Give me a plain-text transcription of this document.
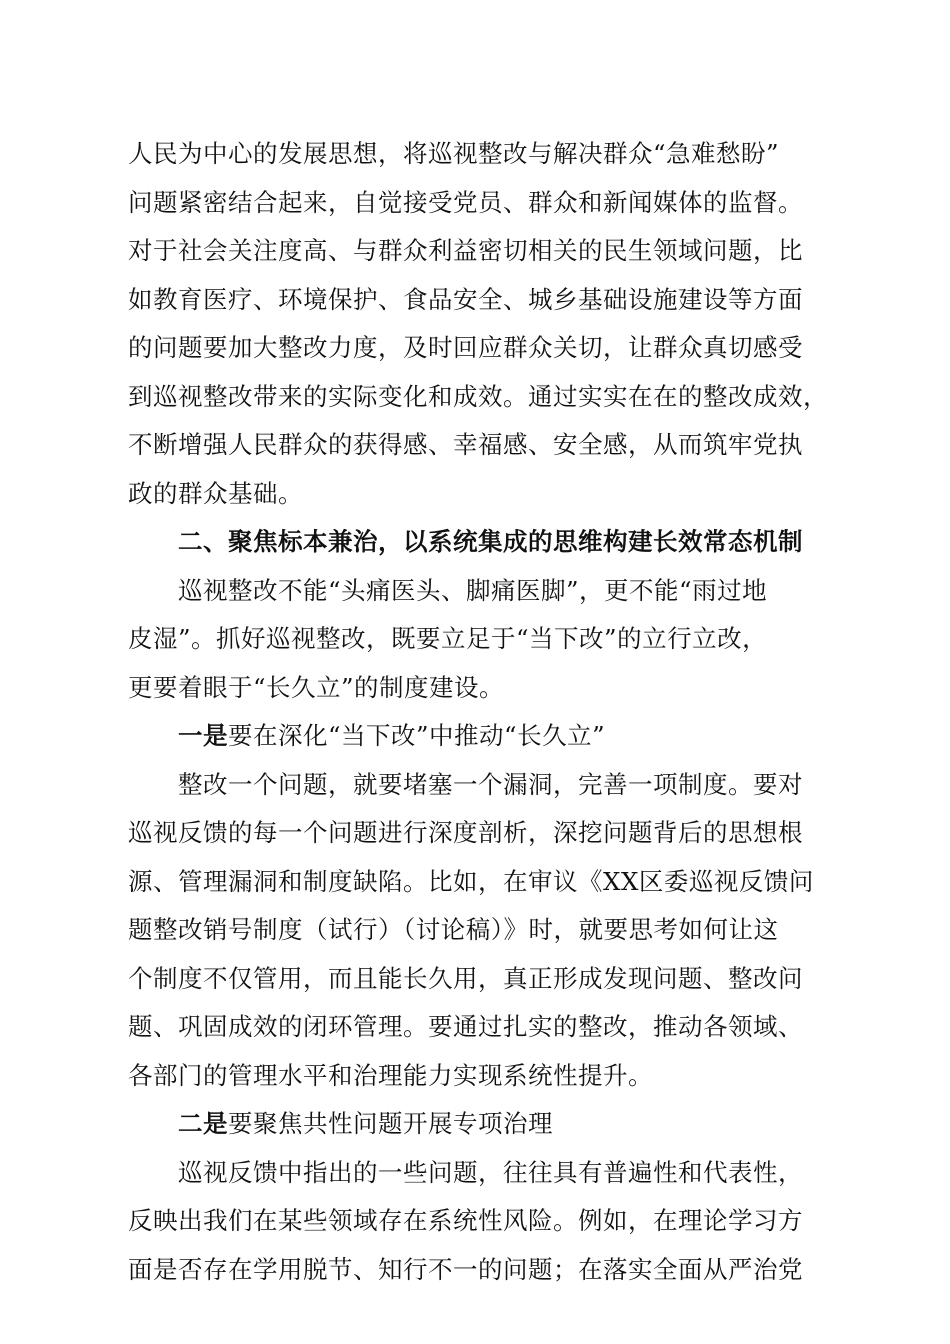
人民为中心的发展思想，将巡视整改与解决群众“急难愁盼”
问题紧密结合起来，自觉接受党员、群众和新闻媒体的监督。
对于社会关注度高、与群众利益密切相关的民生领域问题，比
如教育医疗、环境保护、食品安全、城乡基础设施建设等方面
的问题要加大整改力度，及时回应群众关切，让群众真切感受
到巡视整改带来的实际变化和成效。通过实实在在的整改成效，
不断增强人民群众的获得感、幸福感、安全感，从而筑牢党执
政的群众基础。
二、聚焦标本兼治，以系统集成的思维构建长效常态机制
巡视整改不能“头痛医头、脚痛医脚”，更不能“雨过地
皮湿”。抓好巡视整改，既要立足于“当下改”的立行立改，
更要着眼于“长久立”的制度建设。
一是要在深化“当下改”中推动“长久立”
整改一个问题，就要堵塞一个漏洞，完善一项制度。要对
巡视反馈的每一个问题进行深度剖析，深挖问题背后的思想根
源、管理漏洞和制度缺陷。比如，在审议《XX区委巡视反馈问
题整改销号制度（试行）（讨论稿）》时，就要思考如何让这
个制度不仅管用，而且能长久用，真正形成发现问题、整改问
题、巩固成效的闭环管理。要通过扎实的整改，推动各领域、
各部门的管理水平和治理能力实现系统性提升。
二是要聚焦共性问题开展专项治理
巡视反馈中指出的一些问题，往往具有普遍性和代表性，
反映出我们在某些领域存在系统性风险。例如，在理论学习方
面是否存在学用脱节、知行不一的问题；在落实全面从严治党
